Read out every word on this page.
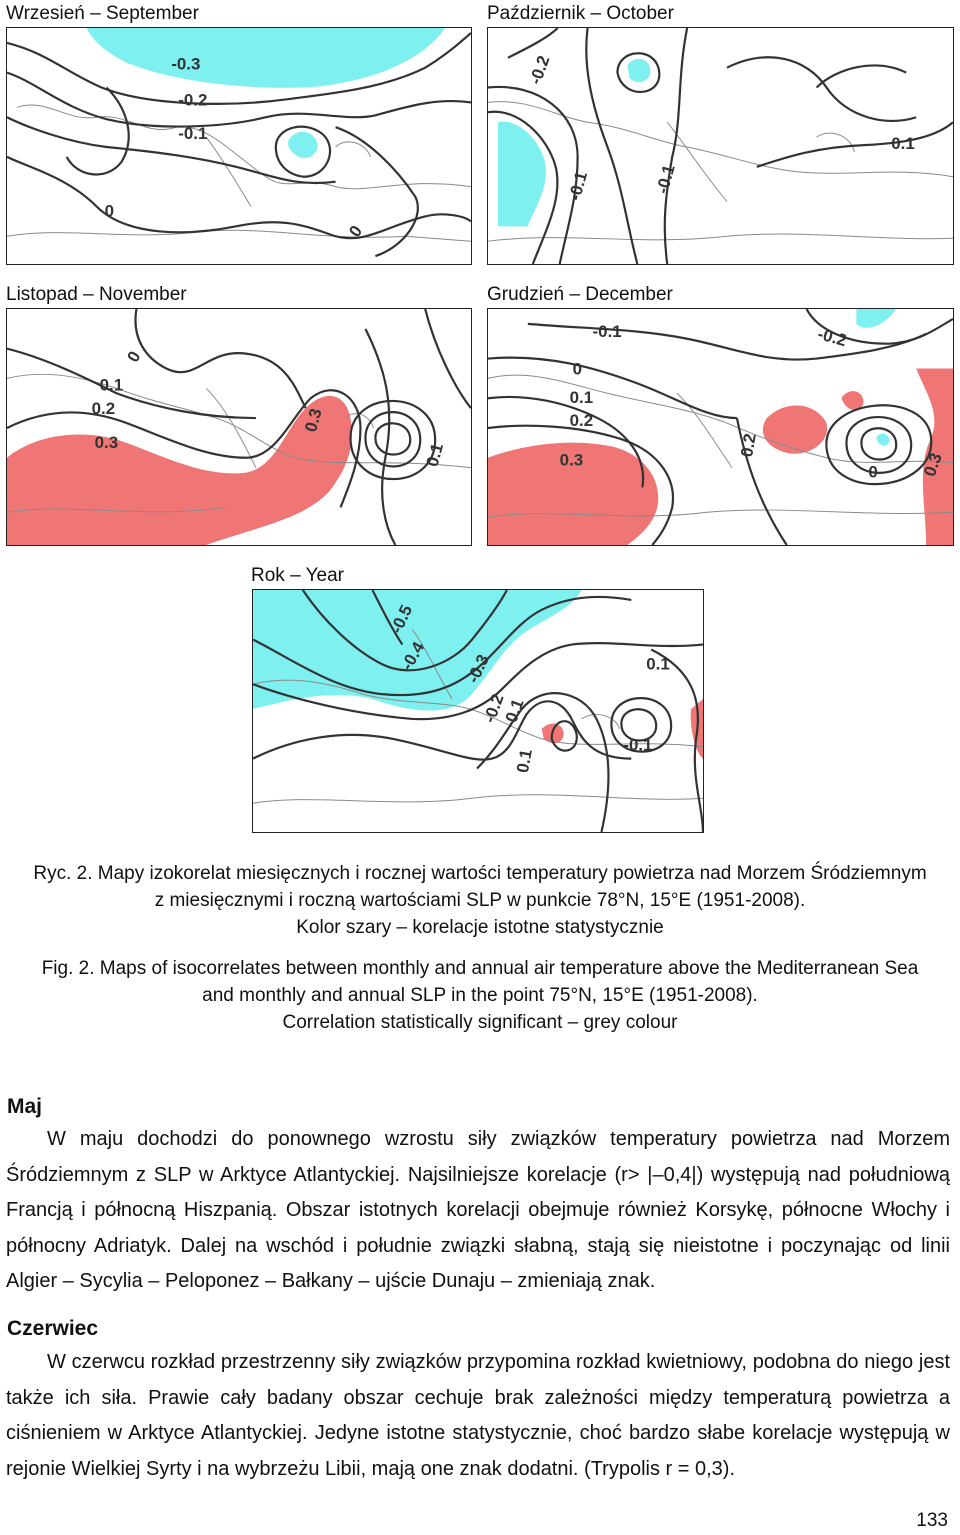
Wrzesień – September
-0.3
-0.2
-0.1
0
0
Październik – October
-0.2
-0.1	-0.1
0.1
Listopad – November
0
0.1
0.2
0.3
0.3
0.1
Grudzień – December
-0.1	-0.2
0
0.1
0.2
0.3
0.2
0 0.3
Rok – Year
-0.5
-0.4 -0.3
-0.2
-0.1
0.1
0.1
-0.1
Ryc. 2. Mapy izokorelat miesięcznych i rocznej wartości temperatury powietrza nad Morzem Śródziemnym
z miesięcznymi i roczną wartościami SLP w punkcie 78°N, 15°E (1951-2008).
Kolor szary – korelacje istotne statystycznie
Fig. 2. Maps of isocorrelates between monthly and annual air temperature above the Mediterranean Sea
and monthly and annual SLP in the point 75°N, 15°E (1951-2008).
Correlation statistically significant – grey colour
Maj
W maju dochodzi do ponownego wzrostu siły związków temperatury powietrza nad Morzem Śródziemnym z SLP w Arktyce Atlantyckiej. Najsilniejsze korelacje (r> |–0,4|) występują nad południową Francją i północną Hiszpanią. Obszar istotnych korelacji obejmuje również Korsykę, północne Włochy i północny Adriatyk. Dalej na wschód i południe związki słabną, stają się nieistotne i poczynając od linii Algier – Sycylia – Peloponez – Bałkany – ujście Dunaju – zmieniają znak.
Czerwiec
W czerwcu rozkład przestrzenny siły związków przypomina rozkład kwietniowy, podobna do niego jest także ich siła. Prawie cały badany obszar cechuje brak zależności między temperaturą powietrza a ciśnieniem w Arktyce Atlantyckiej. Jedyne istotne statystycznie, choć bardzo słabe korelacje występują w rejonie Wielkiej Syrty i na wybrzeżu Libii, mają one znak dodatni. (Trypolis r = 0,3).
133
